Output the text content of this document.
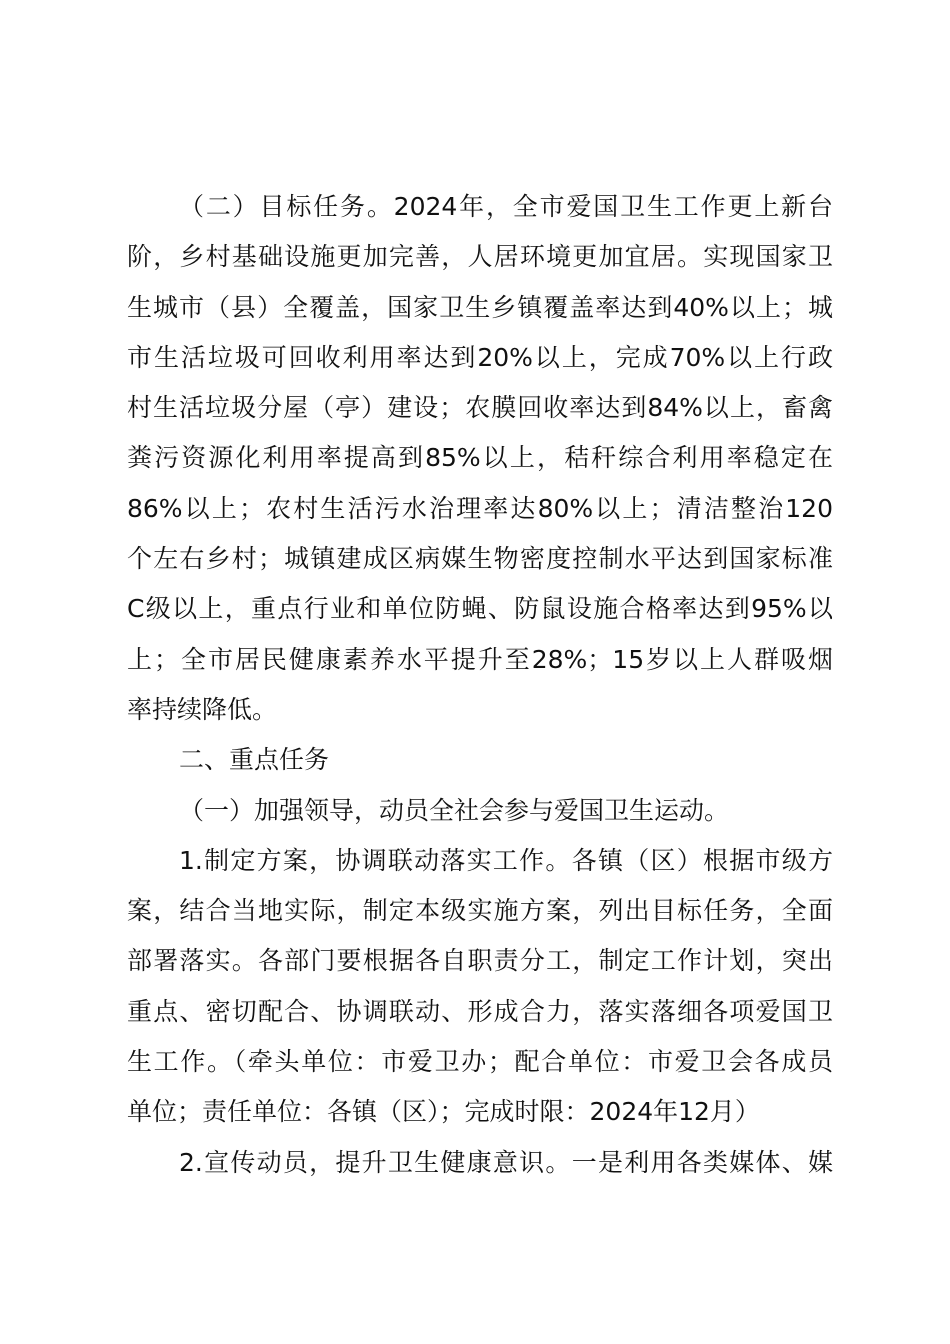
（二）目标任务。2024年，全市爱国卫生工作更上新台
阶，乡村基础设施更加完善，人居环境更加宜居。实现国家卫
生城市（县）全覆盖，国家卫生乡镇覆盖率达到40%以上；城
市生活垃圾可回收利用率达到20%以上，完成70%以上行政
村生活垃圾分屋（亭）建设；农膜回收率达到84%以上，畜禽
粪污资源化利用率提高到85%以上，秸秆综合利用率稳定在
86%以上；农村生活污水治理率达80%以上；清洁整治120
个左右乡村；城镇建成区病媒生物密度控制水平达到国家标准
C级以上，重点行业和单位防蝇、防鼠设施合格率达到95%以
上；全市居民健康素养水平提升至28%；15岁以上人群吸烟
率持续降低。
二、重点任务
（一）加强领导，动员全社会参与爱国卫生运动。
1.制定方案，协调联动落实工作。各镇（区）根据市级方
案，结合当地实际，制定本级实施方案，列出目标任务，全面
部署落实。各部门要根据各自职责分工，制定工作计划，突出
重点、密切配合、协调联动、形成合力，落实落细各项爱国卫
生工作。（牵头单位：市爱卫办；配合单位：市爱卫会各成员
单位；责任单位：各镇（区）；完成时限：2024年12月）
2.宣传动员，提升卫生健康意识。一是利用各类媒体、媒
